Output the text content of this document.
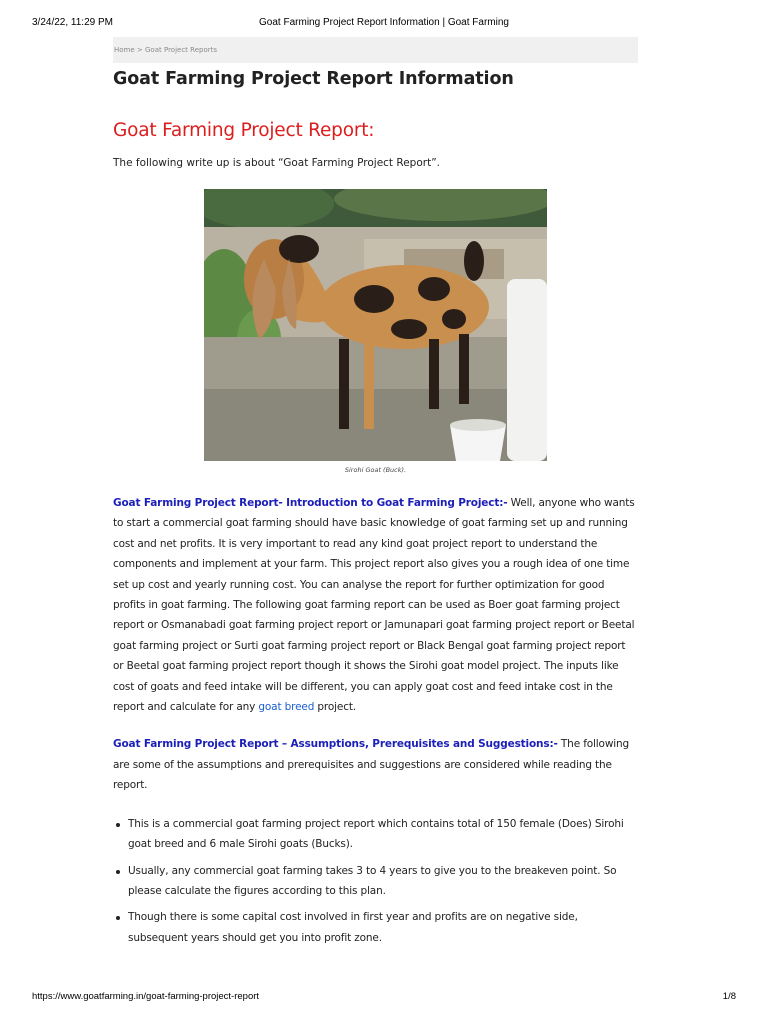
3/24/22, 11:29 PM	Goat Farming Project Report Information | Goat Farming
Home > Goat Project Reports
Goat Farming Project Report Information
Goat Farming Project Report:

The following write up is about “Goat Farming Project Report”.

Sirohi Goat (Buck).

Goat Farming Project Report- Introduction to Goat Farming Project:- Well, anyone who wants to start a commercial goat farming should have basic knowledge of goat farming set up and running cost and net profits. It is very important to read any kind goat project report to understand the components and implement at your farm. This project report also gives you a rough idea of one time set up cost and yearly running cost. You can analyse the report for further optimization for good profits in goat farming. The following goat farming report can be used as Boer goat farming project report or Osmanabadi goat farming project report or Jamunapari goat farming project report or Beetal goat farming project or Surti goat farming project report or Black Bengal goat farming project report or Beetal goat farming project report though it shows the Sirohi goat model project. The inputs like cost of goats and feed intake will be different, you can apply goat cost and feed intake cost in the report and calculate for any goat breed project.

Goat Farming Project Report – Assumptions, Prerequisites and Suggestions:- The following are some of the assumptions and prerequisites and suggestions are considered while reading the report.

This is a commercial goat farming project report which contains total of 150 female (Does) Sirohi goat breed and 6 male Sirohi goats (Bucks).
Usually, any commercial goat farming takes 3 to 4 years to give you to the breakeven point. So please calculate the figures according to this plan.
Though there is some capital cost involved in first year and profits are on negative side, subsequent years should get you into profit zone.
https://www.goatfarming.in/goat-farming-project-report	1/8
